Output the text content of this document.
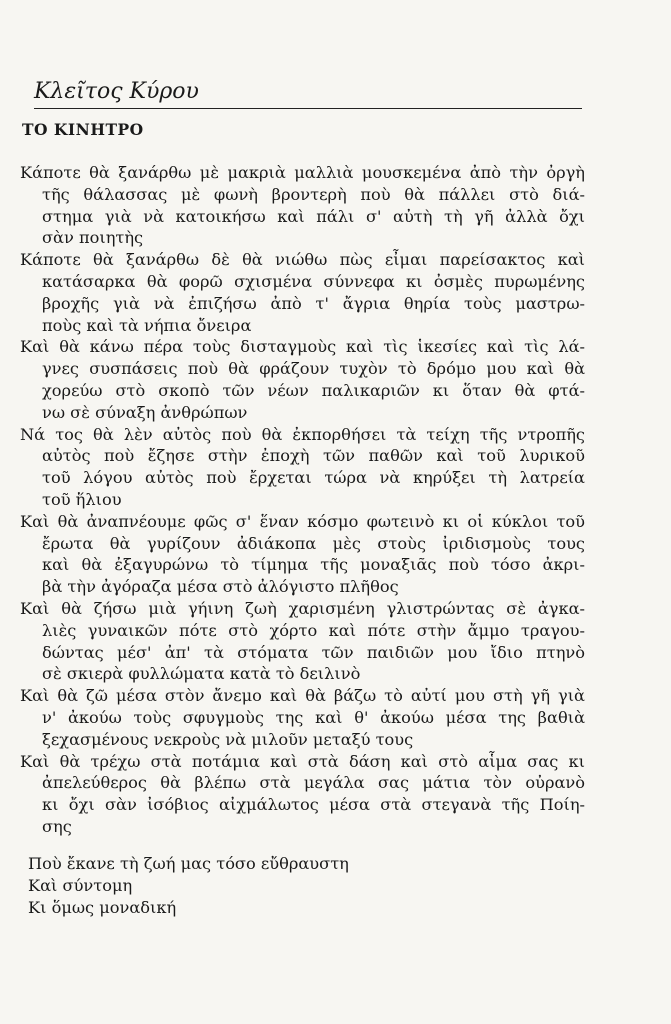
Κλεῖτος Κύρου

ΤΟ ΚΙΝΗΤΡΟ
Κάποτε θὰ ξανάρθω μὲ μακριὰ μαλλιὰ μουσκεμένα ἀπὸ τὴν ὀργὴ
τῆς θάλασσας μὲ φωνὴ βροντερὴ ποὺ θὰ πάλλει στὸ διά-
στημα γιὰ νὰ κατοικήσω καὶ πάλι σ' αὐτὴ τὴ γῆ ἀλλὰ ὄχι
σὰν ποιητὴς
Κάποτε θὰ ξανάρθω δὲ θὰ νιώθω πὼς εἶμαι παρείσακτος καὶ
κατάσαρκα θὰ φορῶ σχισμένα σύννεφα κι ὀσμὲς πυρωμένης
βροχῆς γιὰ νὰ ἐπιζήσω ἀπὸ τ' ἄγρια θηρία τοὺς μαστρω-
ποὺς καὶ τὰ νήπια ὄνειρα
Καὶ θὰ κάνω πέρα τοὺς δισταγμοὺς καὶ τὶς ἱκεσίες καὶ τὶς λά-
γνες συσπάσεις ποὺ θὰ φράζουν τυχὸν τὸ δρόμο μου καὶ θὰ
χορεύω στὸ σκοπὸ τῶν νέων παλικαριῶν κι ὅταν θὰ φτά-
νω σὲ σύναξη ἀνθρώπων
Νά τος θὰ λὲν αὐτὸς ποὺ θὰ ἐκπορθήσει τὰ τείχη τῆς ντροπῆς
αὐτὸς ποὺ ἔζησε στὴν ἐποχὴ τῶν παθῶν καὶ τοῦ λυρικοῦ
τοῦ λόγου αὐτὸς ποὺ ἔρχεται τώρα νὰ κηρύξει τὴ λατρεία
τοῦ ἥλιου
Καὶ θὰ ἀναπνέουμε φῶς σ' ἕναν κόσμο φωτεινὸ κι οἱ κύκλοι τοῦ
ἔρωτα θὰ γυρίζουν ἀδιάκοπα μὲς στοὺς ἰριδισμοὺς τους
καὶ θὰ ἐξαγυρώνω τὸ τίμημα τῆς μοναξιᾶς ποὺ τόσο ἀκρι-
βὰ τὴν ἀγόραζα μέσα στὸ ἀλόγιστο πλῆθος
Καὶ θὰ ζήσω μιὰ γήινη ζωὴ χαρισμένη γλιστρώντας σὲ ἀγκα-
λιὲς γυναικῶν πότε στὸ χόρτο καὶ πότε στὴν ἄμμο τραγου-
δώντας μέσ' ἀπ' τὰ στόματα τῶν παιδιῶν μου ἴδιο πτηνὸ
σὲ σκιερὰ φυλλώματα κατὰ τὸ δειλινὸ
Καὶ θὰ ζῶ μέσα στὸν ἄνεμο καὶ θὰ βάζω τὸ αὐτί μου στὴ γῆ γιὰ
ν' ἀκούω τοὺς σφυγμοὺς της καὶ θ' ἀκούω μέσα της βαθιὰ
ξεχασμένους νεκροὺς νὰ μιλοῦν μεταξύ τους
Καὶ θὰ τρέχω στὰ ποτάμια καὶ στὰ δάση καὶ στὸ αἷμα σας κι
ἀπελεύθερος θὰ βλέπω στὰ μεγάλα σας μάτια τὸν οὐρανὸ
κι ὄχι σὰν ἰσόβιος αἰχμάλωτος μέσα στὰ στεγανὰ τῆς Ποίη-
σης
Ποὺ ἔκανε τὴ ζωή μας τόσο εὔθραυστη
Καὶ σύντομη
Κι ὅμως μοναδική
